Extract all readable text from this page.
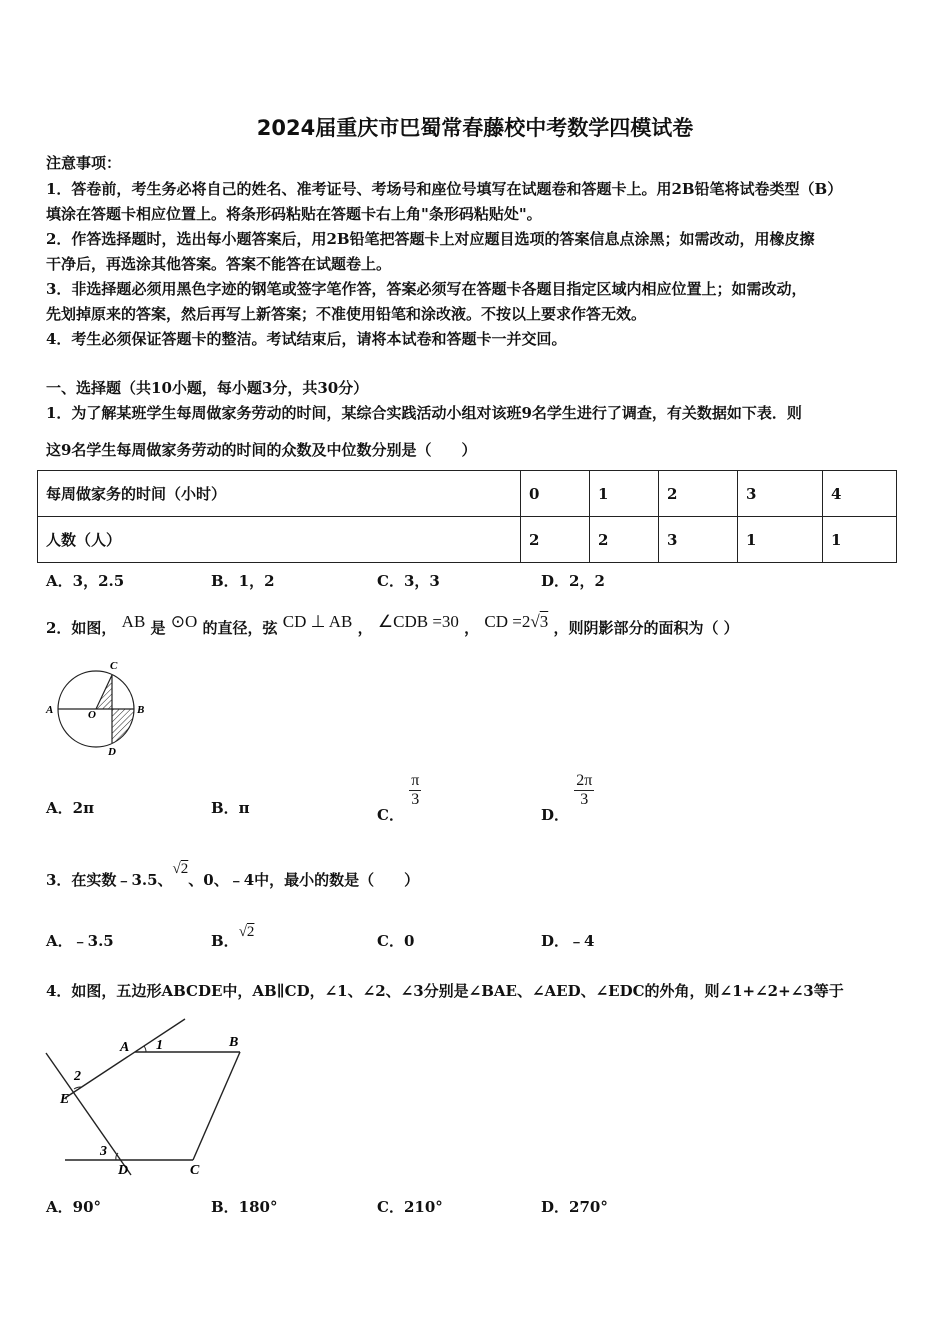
2024届重庆市巴蜀常春藤校中考数学四模试卷
注意事项：
1．答卷前，考生务必将自己的姓名、准考证号、考场号和座位号填写在试题卷和答题卡上。用2B铅笔将试卷类型（B）
填涂在答题卡相应位置上。将条形码粘贴在答题卡右上角"条形码粘贴处"。
2．作答选择题时，选出每小题答案后，用2B铅笔把答题卡上对应题目选项的答案信息点涂黑；如需改动，用橡皮擦
干净后，再选涂其他答案。答案不能答在试题卷上。
3．非选择题必须用黑色字迹的钢笔或签字笔作答，答案必须写在答题卡各题目指定区域内相应位置上；如需改动，
先划掉原来的答案，然后再写上新答案；不准使用铅笔和涂改液。不按以上要求作答无效。
4．考生必须保证答题卡的整洁。考试结束后，请将本试卷和答题卡一并交回。
一、选择题（共10小题，每小题3分，共30分）
1．为了解某班学生每周做家务劳动的时间，某综合实践活动小组对该班9名学生进行了调查，有关数据如下表．则
这9名学生每周做家务劳动的时间的众数及中位数分别是（　　）
每周做家务的时间（小时）	0	1	2	3	4
人数（人）	2	2	3	1	1
A．3，2.5	B．1，2	C．3，3	D．2，2
2．如图， AB 是 ⊙O 的直径，弦 CD ⊥ AB ， ∠CDB =30 ， CD =2√3 ，则阴影部分的面积为（ ）
C
A	O	B
D
A．2π	B．π	C．
$\frac{\pi}{3}$
D．
$\frac{2\pi}{3}$
3．在实数﹣3.5、√2、0、﹣4中，最小的数是（　　）
A．﹣3.5	B．√2	C．0	D．﹣4
4．如图，五边形ABCDE中，AB∥CD，∠1、∠2、∠3分别是∠BAE、∠AED、∠EDC的外角，则∠1+∠2+∠3等于
A 1	B
2
E
3
D	C
A．90°	B．180°	C．210°	D．270°
